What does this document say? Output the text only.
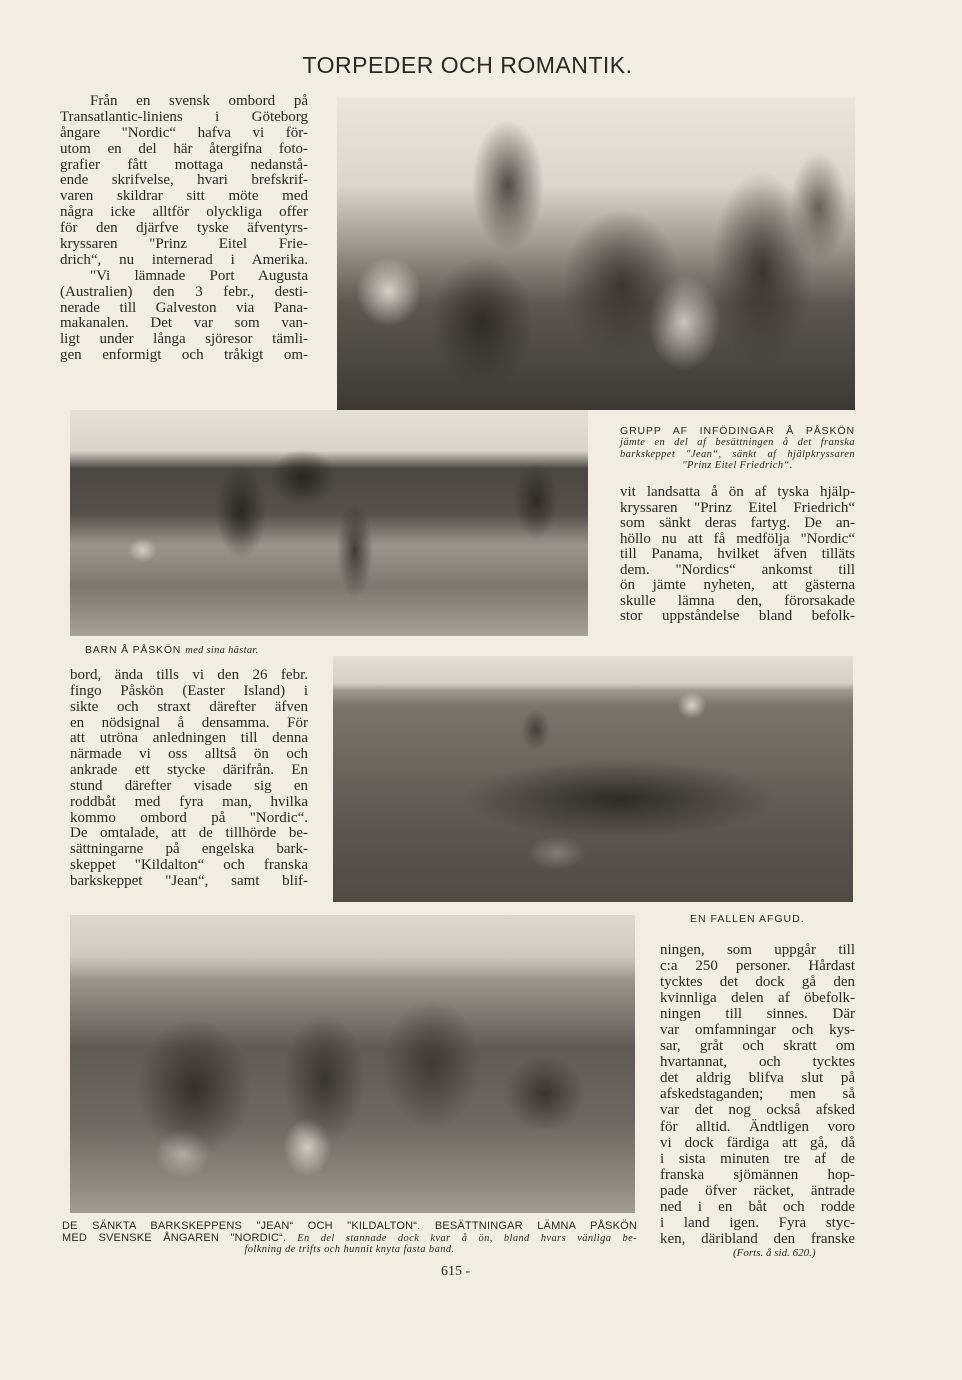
TORPEDER OCH ROMANTIK.
Från en svensk ombord på
Transatlantic-liniens i Göteborg
ångare "Nordic“ hafva vi för-
utom en del här återgifna foto-
grafier fått mottaga nedanstå-
ende skrifvelse, hvari brefskrif-
varen skildrar sitt möte med
några icke alltför olyckliga offer
för den djärfve tyske äfventyrs-
kryssaren "Prinz Eitel Frie-
drich“, nu internerad i Amerika.
"Vi lämnade Port Augusta
(Australien) den 3 febr., desti-
nerade till Galveston via Pana-
makanalen. Det var som van-
ligt under långa sjöresor tämli-
gen enformigt och tråkigt om-
GRUPP AF INFÖDINGAR Å PÅSKÖN
jämte en del af besättningen å det franska
barkskeppet "Jean“, sänkt af hjälpkryssaren
"Prinz Eitel Friedrich“.
vit landsatta å ön af tyska hjälp-
kryssaren "Prinz Eitel Friedrich“
som sänkt deras fartyg. De an-
höllo nu att få medfölja "Nordic“
till Panama, hvilket äfven tilläts
dem. "Nordics“ ankomst till
ön jämte nyheten, att gästerna
skulle lämna den, förorsakade
stor uppståndelse bland befolk-
BARN Å PÅSKÖN med sina hästar.
bord, ända tills vi den 26 febr.
fingo Påskön (Easter Island) i
sikte och straxt därefter äfven
en nödsignal å densamma. För
att utröna anledningen till denna
närmade vi oss alltså ön och
ankrade ett stycke därifrån. En
stund därefter visade sig en
roddbåt med fyra man, hvilka
kommo ombord på "Nordic“.
De omtalade, att de tillhörde be-
sättningarne på engelska bark-
skeppet "Kildalton“ och franska
barkskeppet "Jean“, samt blif-
EN FALLEN AFGUD.
DE SÄNKTA BARKSKEPPENS "JEAN“ OCH "KILDALTON“. BESÄTTNINGAR LÄMNA PÅSKÖN
MED SVENSKE ÅNGAREN "NORDIC“. En del stannade dock kvar å ön, bland hvars vänliga be-
folkning de trifts och hunnit knyta fasta band.
ningen, som uppgår till
c:a 250 personer. Hårdast
tycktes det dock gå den
kvinnliga delen af öbefolk-
ningen till sinnes. Där
var omfamningar och kys-
sar, gråt och skratt om
hvartannat, och tycktes
det aldrig blifva slut på
afskedstaganden; men så
var det nog också afsked
för alltid. Ändtligen voro
vi dock färdiga att gå, då
i sista minuten tre af de
franska sjömännen hop-
pade öfver räcket, äntrade
ned i en båt och rodde
i land igen. Fyra styc-
ken, däribland den franske
(Forts. å sid. 620.)
615 -
